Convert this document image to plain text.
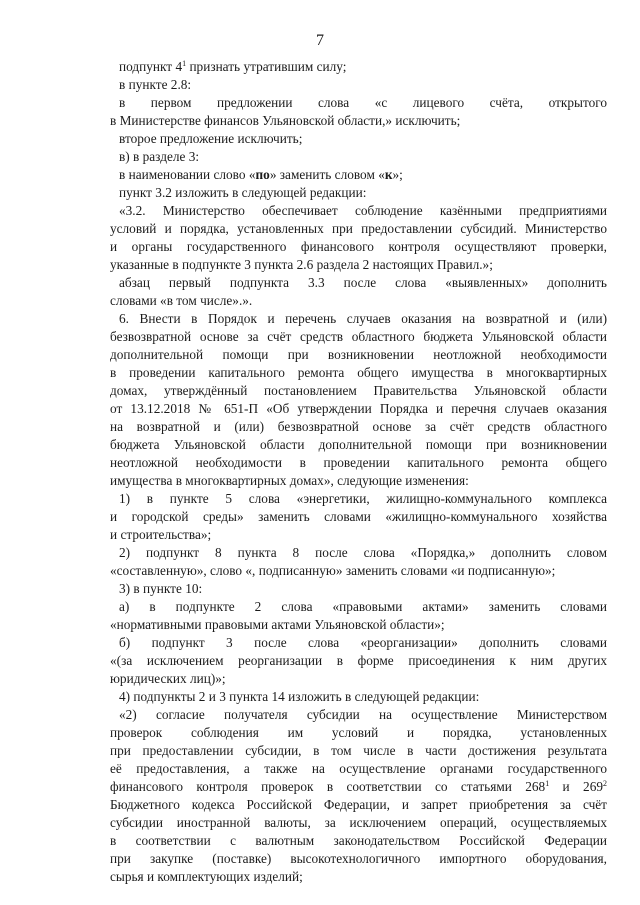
7
подпункт $4^1$ признать утратившим силу;
в пункте 2.8:
в первом предложении слова «с лицевого счёта, открытого
в Министерстве финансов Ульяновской области,» исключить;
второе предложение исключить;
в) в разделе 3:
в наименовании слово «по» заменить словом «к»;
пункт 3.2 изложить в следующей редакции:
«3.2. Министерство обеспечивает соблюдение казёнными предприятиями
условий и порядка, установленных при предоставлении субсидий. Министерство
и органы государственного финансового контроля осуществляют проверки,
указанные в подпункте 3 пункта 2.6 раздела 2 настоящих Правил.»;
абзац первый подпункта 3.3 после слова «выявленных» дополнить
словами «в том числе».».
6. Внести в Порядок и перечень случаев оказания на возвратной и (или)
безвозвратной основе за счёт средств областного бюджета Ульяновской области
дополнительной помощи при возникновении неотложной необходимости
в проведении капитального ремонта общего имущества в многоквартирных
домах, утверждённый постановлением Правительства Ульяновской области
от 13.12.2018 № 651-П «Об утверждении Порядка и перечня случаев оказания
на возвратной и (или) безвозвратной основе за счёт средств областного
бюджета Ульяновской области дополнительной помощи при возникновении
неотложной необходимости в проведении капитального ремонта общего
имущества в многоквартирных домах», следующие изменения:
1) в пункте 5 слова «энергетики, жилищно-коммунального комплекса
и городской среды» заменить словами «жилищно-коммунального хозяйства
и строительства»;
2) подпункт 8 пункта 8 после слова «Порядка,» дополнить словом
«составленную», слово «, подписанную» заменить словами «и подписанную»;
3) в пункте 10:
а) в подпункте 2 слова «правовыми актами» заменить словами
«нормативными правовыми актами Ульяновской области»;
б) подпункт 3 после слова «реорганизации» дополнить словами
«(за исключением реорганизации в форме присоединения к ним других
юридических лиц)»;
4) подпункты 2 и 3 пункта 14 изложить в следующей редакции:
«2) согласие получателя субсидии на осуществление Министерством
проверок соблюдения им условий и порядка, установленных
при предоставлении субсидии, в том числе в части достижения результата
её предоставления, а также на осуществление органами государственного
финансового контроля проверок в соответствии со статьями $268^1$ и $269^2$
Бюджетного кодекса Российской Федерации, и запрет приобретения за счёт
субсидии иностранной валюты, за исключением операций, осуществляемых
в соответствии с валютным законодательством Российской Федерации
при закупке (поставке) высокотехнологичного импортного оборудования,
сырья и комплектующих изделий;
